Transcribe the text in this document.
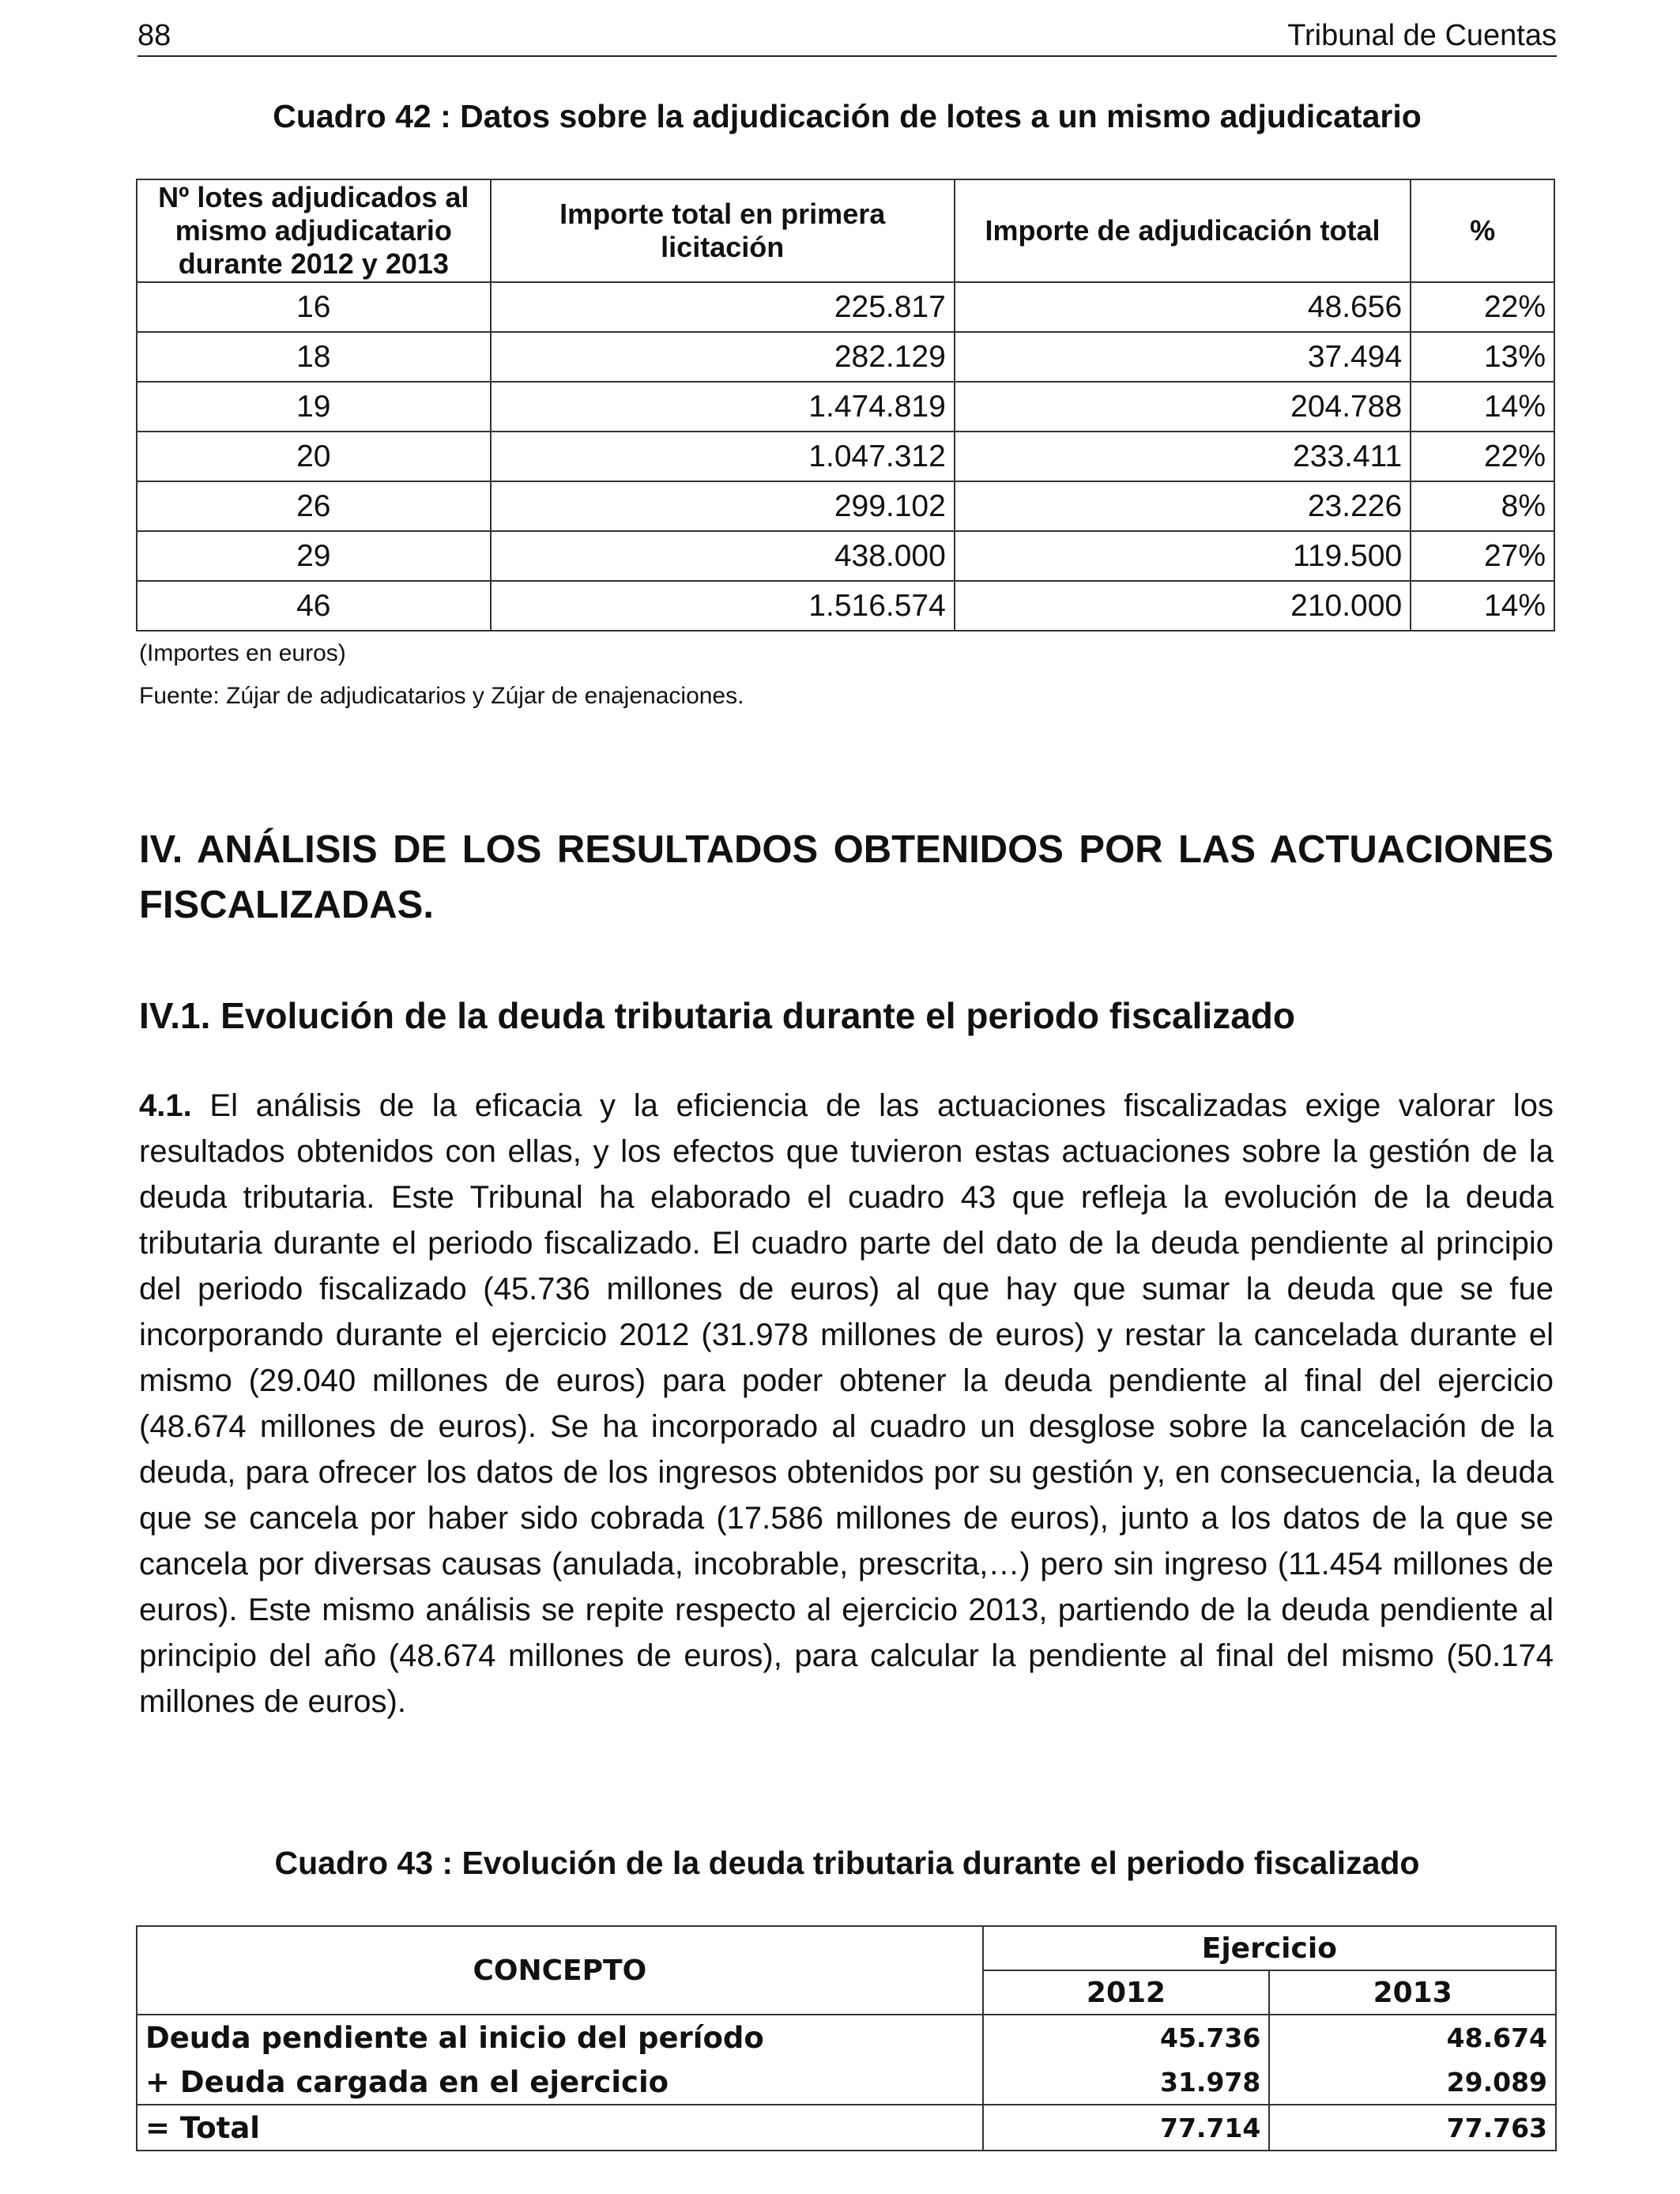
88	Tribunal de Cuentas
Cuadro 42 : Datos sobre la adjudicación de lotes a un mismo adjudicatario
Nº lotes adjudicados al mismo adjudicatario durante 2012 y 2013	Importe total en primera licitación	Importe de adjudicación total	%
16	225.817	48.656	22%
18	282.129	37.494	13%
19	1.474.819	204.788	14%
20	1.047.312	233.411	22%
26	299.102	23.226	8%
29	438.000	119.500	27%
46	1.516.574	210.000	14%
(Importes en euros)
Fuente: Zújar de adjudicatarios y Zújar de enajenaciones.
IV. ANÁLISIS DE LOS RESULTADOS OBTENIDOS POR LAS ACTUACIONES FISCALIZADAS.
IV.1. Evolución de la deuda tributaria durante el periodo fiscalizado
4.1. El análisis de la eficacia y la eficiencia de las actuaciones fiscalizadas exige valorar los resultados obtenidos con ellas, y los efectos que tuvieron estas actuaciones sobre la gestión de la deuda tributaria. Este Tribunal ha elaborado el cuadro 43 que refleja la evolución de la deuda tributaria durante el periodo fiscalizado. El cuadro parte del dato de la deuda pendiente al principio del periodo fiscalizado (45.736 millones de euros) al que hay que sumar la deuda que se fue incorporando durante el ejercicio 2012 (31.978 millones de euros) y restar la cancelada durante el mismo (29.040 millones de euros) para poder obtener la deuda pendiente al final del ejercicio (48.674 millones de euros). Se ha incorporado al cuadro un desglose sobre la cancelación de la deuda, para ofrecer los datos de los ingresos obtenidos por su gestión y, en consecuencia, la deuda que se cancela por haber sido cobrada (17.586 millones de euros), junto a los datos de la que se cancela por diversas causas (anulada, incobrable, prescrita,…) pero sin ingreso (11.454 millones de euros). Este mismo análisis se repite respecto al ejercicio 2013, partiendo de la deuda pendiente al principio del año (48.674 millones de euros), para calcular la pendiente al final del mismo (50.174 millones de euros).
Cuadro 43 : Evolución de la deuda tributaria durante el periodo fiscalizado
CONCEPTO	Ejercicio	
	2012	2013
Deuda pendiente al inicio del período	45.736	48.674
+ Deuda cargada en el ejercicio	31.978	29.089
= Total	77.714	77.763
